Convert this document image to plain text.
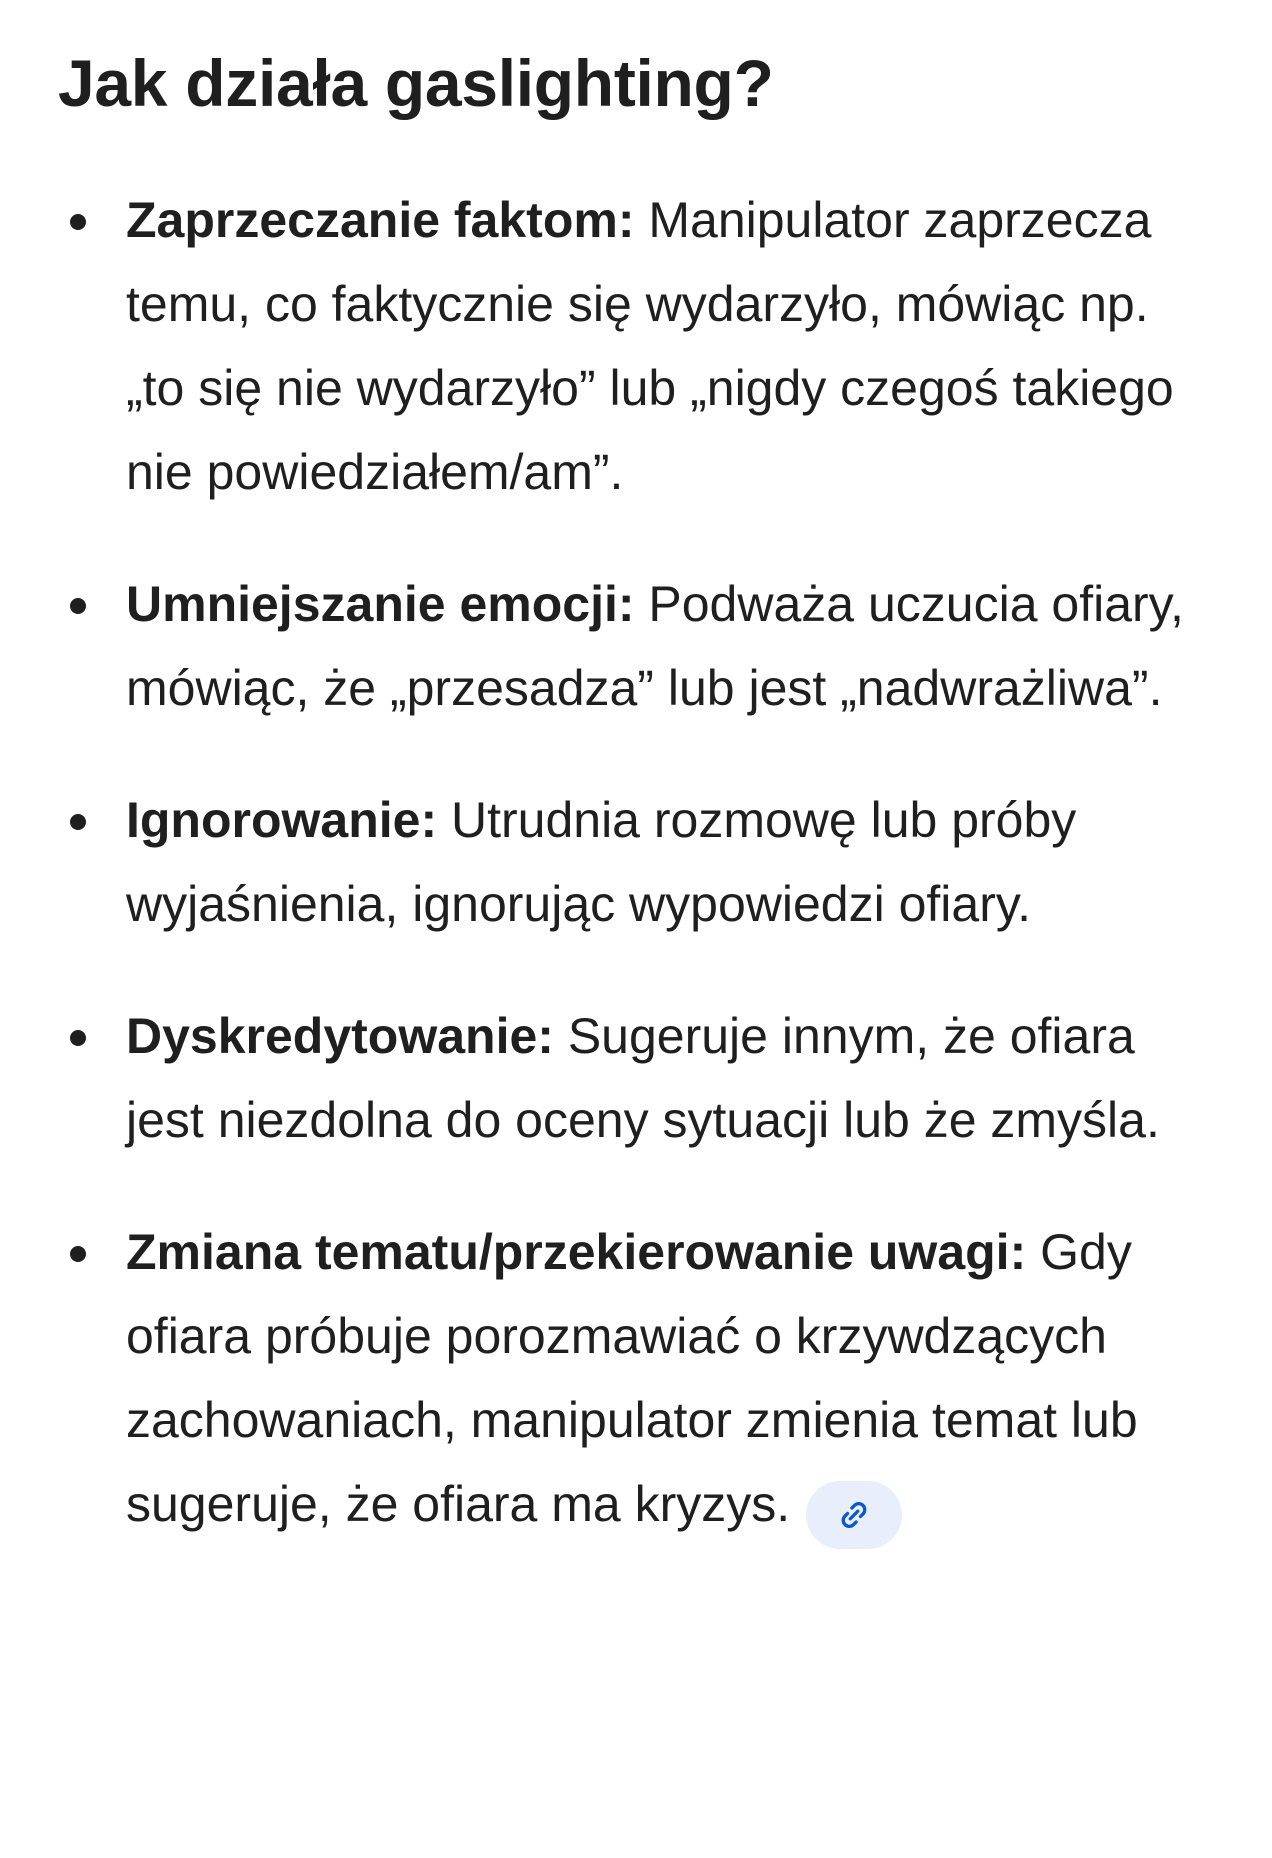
Jak działa gaslighting?
Zaprzeczanie faktom: Manipulator zaprzecza temu, co faktycznie się wydarzyło, mówiąc np. „to się nie wydarzyło” lub „nigdy czegoś takiego nie powiedziałem/am”.
Umniejszanie emocji: Podważa uczucia ofiary, mówiąc, że „przesadza” lub jest „nadwrażliwa”.
Ignorowanie: Utrudnia rozmowę lub próby wyjaśnienia, ignorując wypowiedzi ofiary.
Dyskredytowanie: Sugeruje innym, że ofiara jest niezdolna do oceny sytuacji lub że zmyśla.
Zmiana tematu/przekierowanie uwagi: Gdy ofiara próbuje porozmawiać o krzywdzących zachowaniach, manipulator zmienia temat lub sugeruje, że ofiara ma kryzys.
